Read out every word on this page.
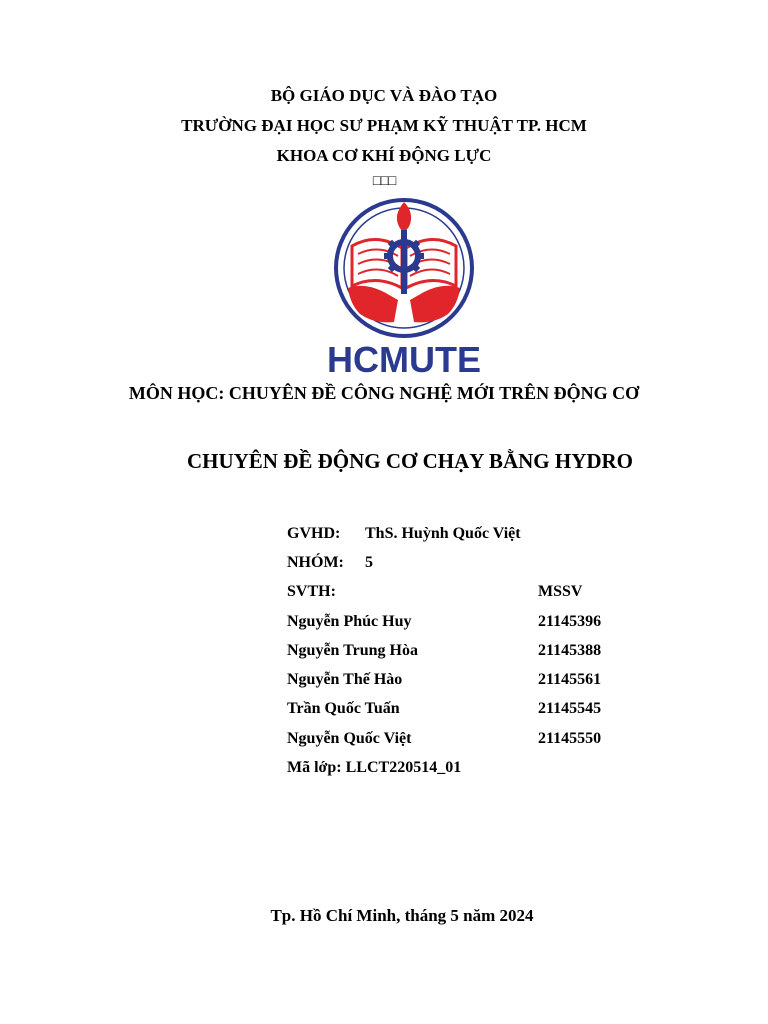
BỘ GIÁO DỤC VÀ ĐÀO TẠO
TRƯỜNG ĐẠI HỌC SƯ PHẠM KỸ THUẬT TP. HCM
KHOA CƠ KHÍ ĐỘNG LỰC
□□□
HCMUTE
MÔN HỌC: CHUYÊN ĐỀ CÔNG NGHỆ MỚI TRÊN ĐỘNG CƠ
CHUYÊN ĐỀ ĐỘNG CƠ CHẠY BẰNG HYDRO
GVHD: ThS. Huỳnh Quốc Việt
NHÓM: 5
SVTH:	MSSV
Nguyễn Phúc Huy	21145396
Nguyễn Trung Hòa	21145388
Nguyễn Thế Hào	21145561
Trần Quốc Tuấn	21145545
Nguyễn Quốc Việt	21145550
Mã lớp: LLCT220514_01
Tp. Hồ Chí Minh, tháng 5 năm 2024
